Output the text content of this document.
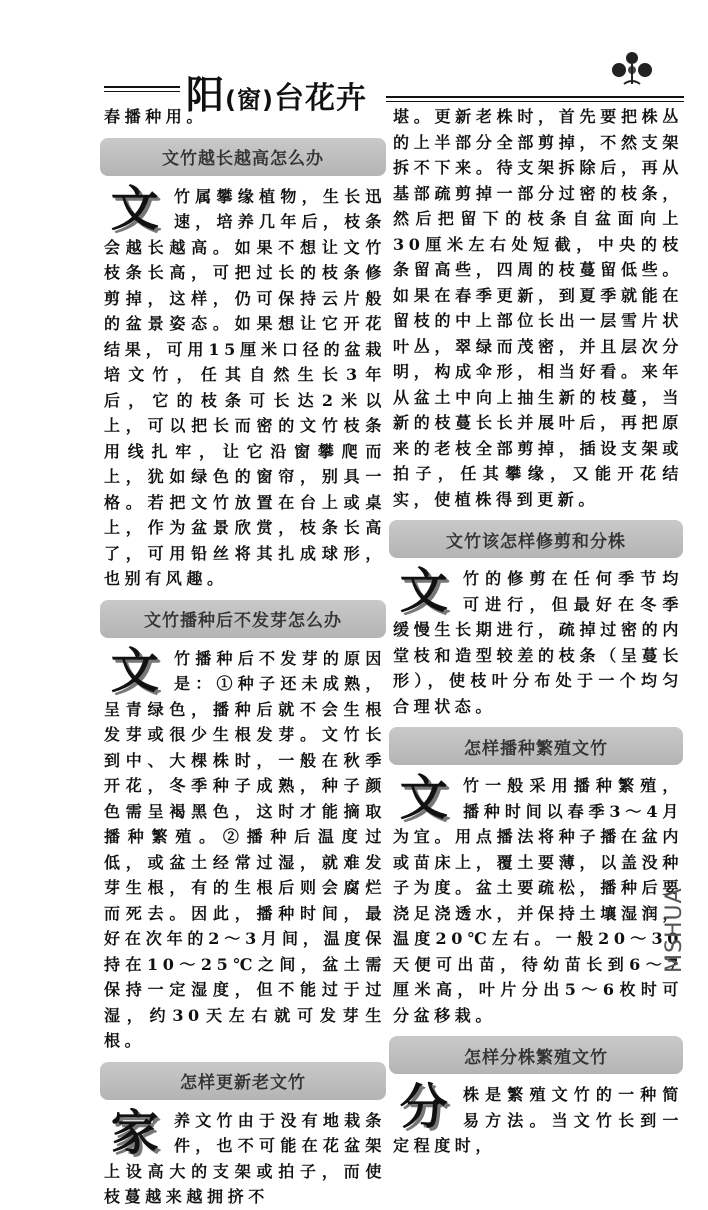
阳(窗)台花卉

春播种用。

文竹越长越高怎么办

文竹属攀缘植物，生长迅速，培养几年后，枝条会越长越高。如果不想让文竹枝条长高，可把过长的枝条修剪掉，这样，仍可保持云片般的盆景姿态。如果想让它开花结果，可用15厘米口径的盆栽培文竹，任其自然生长3年后，它的枝条可长达2米以上，可以把长而密的文竹枝条用线扎牢，让它沿窗攀爬而上，犹如绿色的窗帘，别具一格。若把文竹放置在台上或桌上，作为盆景欣赏，枝条长高了，可用铅丝将其扎成球形，也别有风趣。

文竹播种后不发芽怎么办

文竹播种后不发芽的原因是：①种子还未成熟，呈青绿色，播种后就不会生根发芽或很少生根发芽。文竹长到中、大棵株时，一般在秋季开花，冬季种子成熟，种子颜色需呈褐黑色，这时才能摘取播种繁殖。②播种后温度过低，或盆土经常过湿，就难发芽生根，有的生根后则会腐烂而死去。因此，播种时间，最好在次年的2～3月间，温度保持在10～25℃之间，盆土需保持一定湿度，但不能过于过湿，约30天左右就可发芽生根。

怎样更新老文竹

家养文竹由于没有地栽条件，也不可能在花盆架上设高大的支架或拍子，而使枝蔓越来越拥挤不

堪。更新老株时，首先要把株丛的上半部分全部剪掉，不然支架拆不下来。待支架拆除后，再从基部疏剪掉一部分过密的枝条，然后把留下的枝条自盆面向上30厘米左右处短截，中央的枝条留高些，四周的枝蔓留低些。如果在春季更新，到夏季就能在留枝的中上部位长出一层雪片状叶丛，翠绿而茂密，并且层次分明，构成伞形，相当好看。来年从盆土中向上抽生新的枝蔓，当新的枝蔓长长并展叶后，再把原来的老枝全部剪掉，插设支架或拍子，任其攀缘，又能开花结实，使植株得到更新。

文竹该怎样修剪和分株

文竹的修剪在任何季节均可进行，但最好在冬季缓慢生长期进行，疏掉过密的内堂枝和造型较差的枝条（呈蔓长形），使枝叶分布处于一个均匀合理状态。

怎样播种繁殖文竹

文竹一般采用播种繁殖，播种时间以春季3～4月为宜。用点播法将种子播在盆内或苗床上，覆土要薄，以盖没种子为度。盆土要疏松，播种后要浇足浇透水，并保持土壤湿润，温度20℃左右。一般20～30天便可出苗，待幼苗长到6～7厘米高，叶片分出5～6枚时可分盆移栽。

怎样分株繁殖文竹

分株是繁殖文竹的一种简易方法。当文竹长到一定程度时，

MSHUA
